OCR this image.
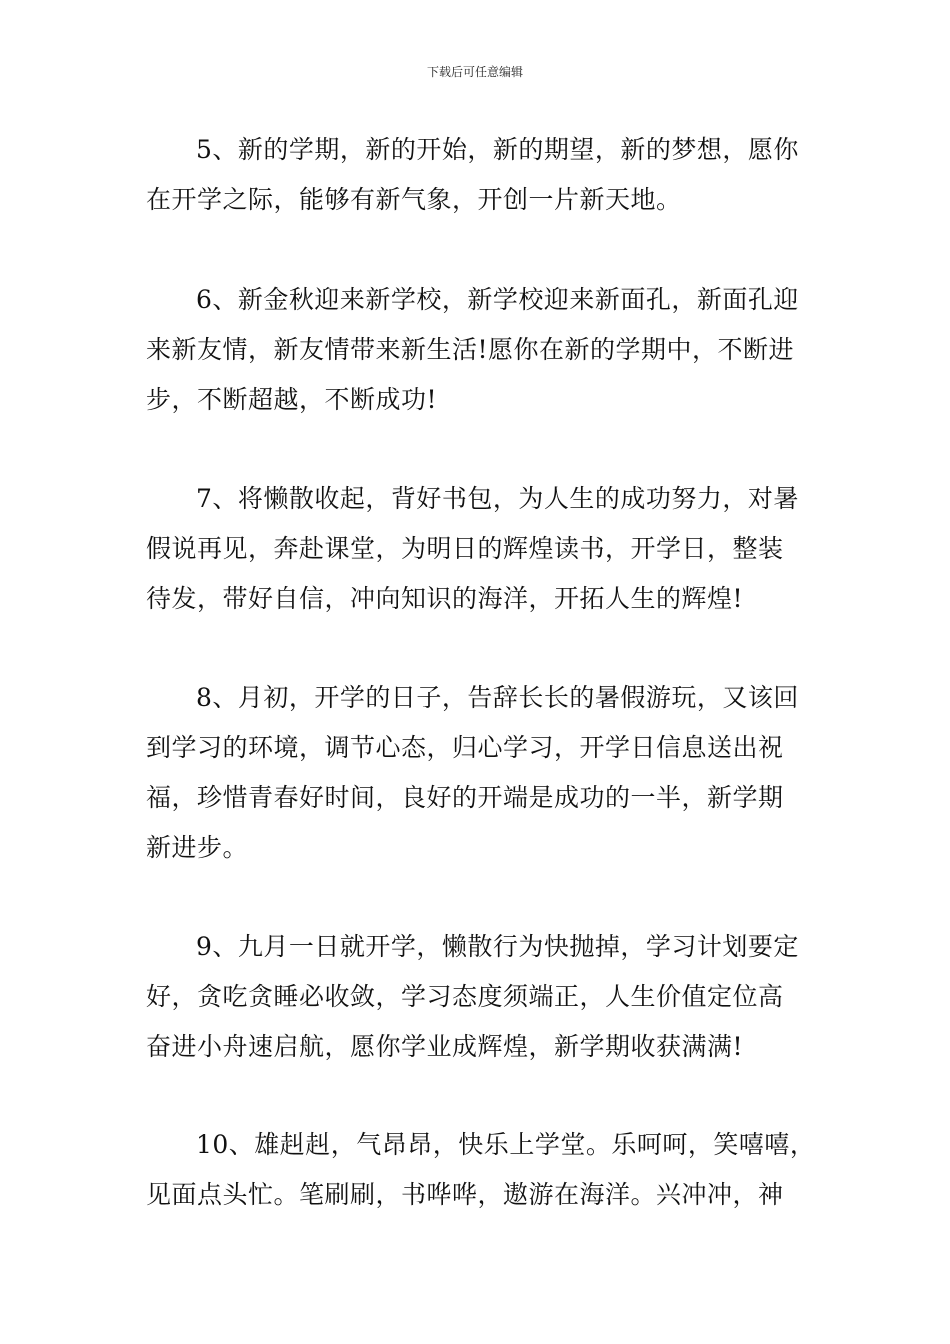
下载后可任意编辑
5、新的学期，新的开始，新的期望，新的梦想，愿你
在开学之际，能够有新气象，开创一片新天地。
6、新金秋迎来新学校，新学校迎来新面孔，新面孔迎
来新友情，新友情带来新生活!愿你在新的学期中，不断进
步，不断超越，不断成功!
7、将懒散收起，背好书包，为人生的成功努力，对暑
假说再见，奔赴课堂，为明日的辉煌读书，开学日，整装
待发，带好自信，冲向知识的海洋，开拓人生的辉煌!
8、月初，开学的日子，告辞长长的暑假游玩，又该回
到学习的环境，调节心态，归心学习，开学日信息送出祝
福，珍惜青春好时间，良好的开端是成功的一半，新学期
新进步。
9、九月一日就开学，懒散行为快抛掉，学习计划要定
好，贪吃贪睡必收敛，学习态度须端正，人生价值定位高
奋进小舟速启航，愿你学业成辉煌，新学期收获满满!
10、雄赳赳，气昂昂，快乐上学堂。乐呵呵，笑嘻嘻，
见面点头忙。笔刷刷，书哗哗，遨游在海洋。兴冲冲，神
